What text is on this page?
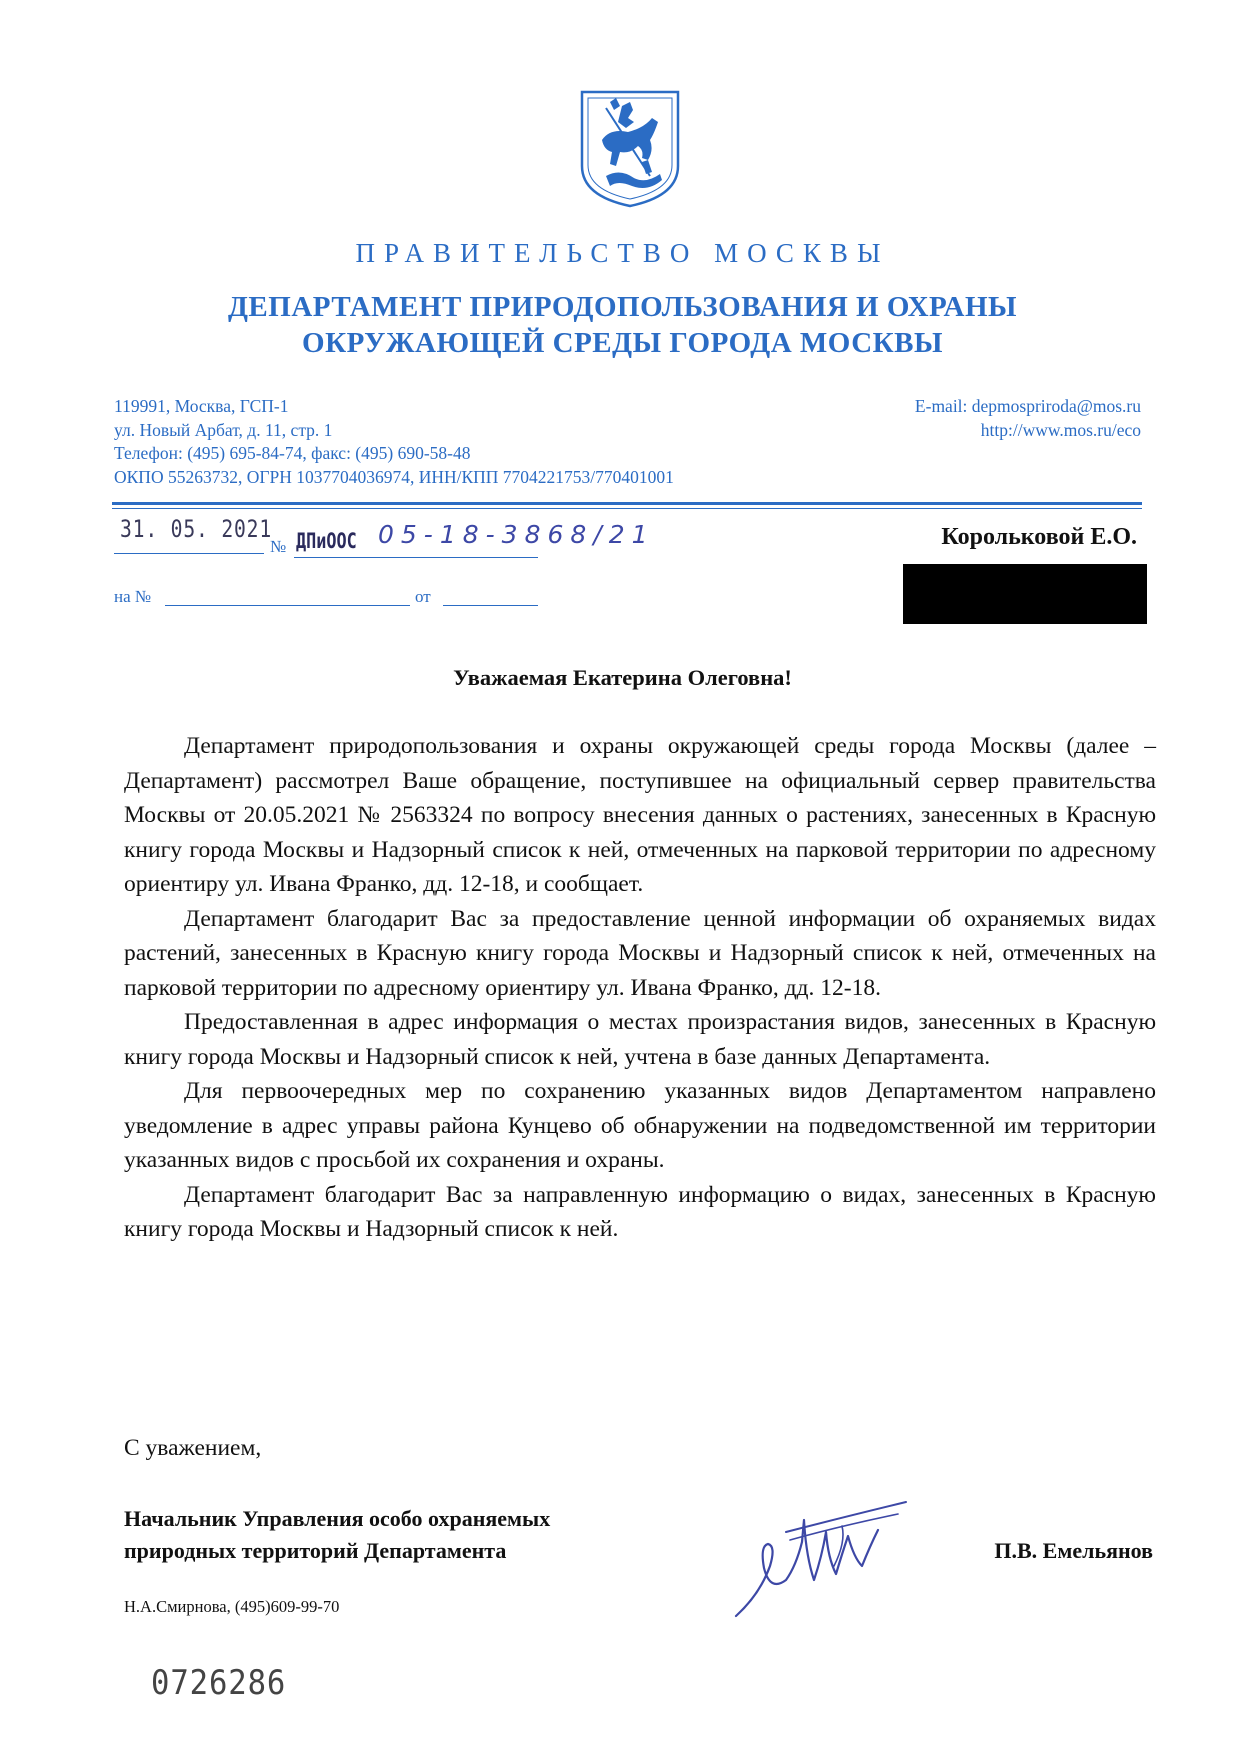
ПРАВИТЕЛЬСТВО МОСКВЫ
ДЕПАРТАМЕНТ ПРИРОДОПОЛЬЗОВАНИЯ И ОХРАНЫ
ОКРУЖАЮЩЕЙ СРЕДЫ ГОРОДА МОСКВЫ
119991, Москва, ГСП-1
ул. Новый Арбат, д. 11, стр. 1
Телефон: (495) 695-84-74, факс: (495) 690-58-48
ОКПО 55263732, ОГРН 1037704036974, ИНН/КПП 7704221753/770401001
E-mail: depmospriroda@mos.ru
http://www.mos.ru/eco
31. 05. 2021
№ ДПиООС 05-18-3868/21
на №	от
Корольковой Е.О.
Уважаемая Екатерина Олеговна!

Департамент природопользования и охраны окружающей среды города Москвы (далее – Департамент) рассмотрел Ваше обращение, поступившее на официальный сервер правительства Москвы от 20.05.2021 № 2563324 по вопросу внесения данных о растениях, занесенных в Красную книгу города Москвы и Надзорный список к ней, отмеченных на парковой территории по адресному ориентиру ул. Ивана Франко, дд. 12-18, и сообщает.

Департамент благодарит Вас за предоставление ценной информации об охраняемых видах растений, занесенных в Красную книгу города Москвы и Надзорный список к ней, отмеченных на парковой территории по адресному ориентиру ул. Ивана Франко, дд. 12-18.

Предоставленная в адрес информация о местах произрастания видов, занесенных в Красную книгу города Москвы и Надзорный список к ней, учтена в базе данных Департамента.

Для первоочередных мер по сохранению указанных видов Департаментом направлено уведомление в адрес управы района Кунцево об обнаружении на подведомственной им территории указанных видов с просьбой их сохранения и охраны.

Департамент благодарит Вас за направленную информацию о видах, занесенных в Красную книгу города Москвы и Надзорный список к ней.

С уважением,
Начальник Управления особо охраняемых
природных территорий Департамента	П.В. Емельянов
Н.А.Смирнова, (495)609-99-70
0726286
